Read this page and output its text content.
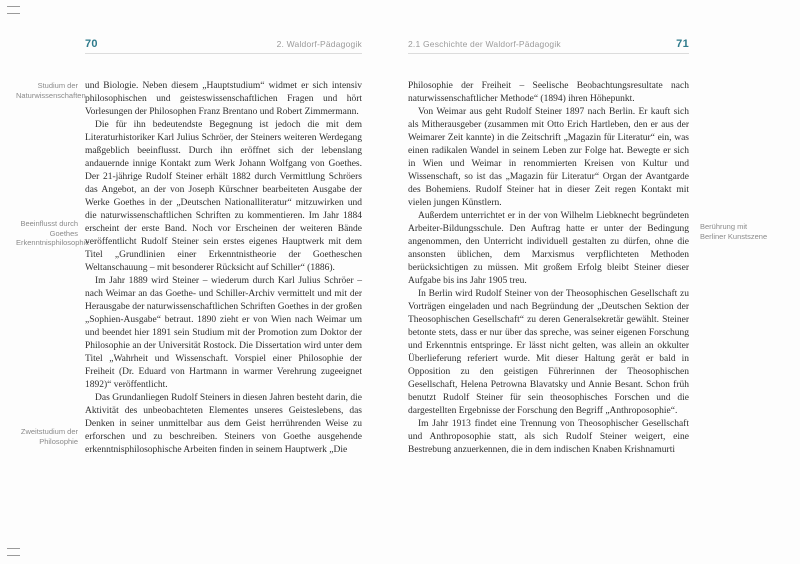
70	2. Waldorf-Pädagogik
Studium der Naturwissenschaften
Beeinflusst durch Goethes Erkenntnisphilosophie
Zweitstudium der Philosophie

und Biologie. Neben diesem „Hauptstudium“ widmet er sich intensiv philosophischen und geisteswissenschaftlichen Fragen und hört Vorlesungen der Philosophen Franz Brentano und Robert Zimmermann.

Die für ihn bedeutendste Begegnung ist jedoch die mit dem Literaturhistoriker Karl Julius Schröer, der Steiners weiteren Werdegang maßgeblich beeinflusst. Durch ihn eröffnet sich der lebenslang andauernde innige Kontakt zum Werk Johann Wolfgang von Goethes. Der 21-jährige Rudolf Steiner erhält 1882 durch Vermittlung Schröers das Angebot, an der von Joseph Kürschner bearbeiteten Ausgabe der Werke Goethes in der „Deutschen Nationalliteratur“ mitzuwirken und die naturwissenschaftlichen Schriften zu kommentieren. Im Jahr 1884 erscheint der erste Band. Noch vor Erscheinen der weiteren Bände veröffentlicht Rudolf Steiner sein erstes eigenes Hauptwerk mit dem Titel „Grundlinien einer Erkenntnistheorie der Goetheschen Weltanschauung – mit besonderer Rücksicht auf Schiller“ (1886).

Im Jahr 1889 wird Steiner – wiederum durch Karl Julius Schröer – nach Weimar an das Goethe- und Schiller-Archiv vermittelt und mit der Herausgabe der naturwissenschaftlichen Schriften Goethes in der großen „Sophien-Ausgabe“ betraut. 1890 zieht er von Wien nach Weimar um und beendet hier 1891 sein Studium mit der Promotion zum Doktor der Philosophie an der Universität Rostock. Die Dissertation wird unter dem Titel „Wahrheit und Wissenschaft. Vorspiel einer Philosophie der Freiheit (Dr. Eduard von Hartmann in warmer Verehrung zugeeignet 1892)“ veröffentlicht.

Das Grundanliegen Rudolf Steiners in diesen Jahren besteht darin, die Aktivität des unbeobachteten Elementes unseres Geisteslebens, das Denken in seiner unmittelbar aus dem Geist herrührenden Weise zu erforschen und zu beschreiben. Steiners von Goethe ausgehende erkenntnisphilosophische Arbeiten finden in seinem Hauptwerk „Die

2.1 Geschichte der Waldorf-Pädagogik	71
Berührung mit Berliner Kunstszene

Philosophie der Freiheit – Seelische Beobachtungsresultate nach naturwissenschaftlicher Methode“ (1894) ihren Höhepunkt.

Von Weimar aus geht Rudolf Steiner 1897 nach Berlin. Er kauft sich als Mitherausgeber (zusammen mit Otto Erich Hartleben, den er aus der Weimarer Zeit kannte) in die Zeitschrift „Magazin für Literatur“ ein, was einen radikalen Wandel in seinem Leben zur Folge hat. Bewegte er sich in Wien und Weimar in renommierten Kreisen von Kultur und Wissenschaft, so ist das „Magazin für Literatur“ Organ der Avantgarde des Bohemiens. Rudolf Steiner hat in dieser Zeit regen Kontakt mit vielen jungen Künstlern.

Außerdem unterrichtet er in der von Wilhelm Liebknecht begründeten Arbeiter-Bildungsschule. Den Auftrag hatte er unter der Bedingung angenommen, den Unterricht individuell gestalten zu dürfen, ohne die ansonsten üblichen, dem Marxismus verpflichteten Methoden berücksichtigen zu müssen. Mit großem Erfolg bleibt Steiner dieser Aufgabe bis ins Jahr 1905 treu.

In Berlin wird Rudolf Steiner von der Theosophischen Gesellschaft zu Vorträgen eingeladen und nach Begründung der „Deutschen Sektion der Theosophischen Gesellschaft“ zu deren Generalsekretär gewählt. Steiner betonte stets, dass er nur über das spreche, was seiner eigenen Forschung und Erkenntnis entspringe. Er lässt nicht gelten, was allein an okkulter Überlieferung referiert wurde. Mit dieser Haltung gerät er bald in Opposition zu den geistigen Führerinnen der Theosophischen Gesellschaft, Helena Petrowna Blavatsky und Annie Besant. Schon früh benutzt Rudolf Steiner für sein theosophisches Forschen und die dargestellten Ergebnisse der Forschung den Begriff „Anthroposophie“.

Im Jahr 1913 findet eine Trennung von Theosophischer Gesellschaft und Anthroposophie statt, als sich Rudolf Steiner weigert, eine Bestrebung anzuerkennen, die in dem indischen Knaben Krishnamurti
